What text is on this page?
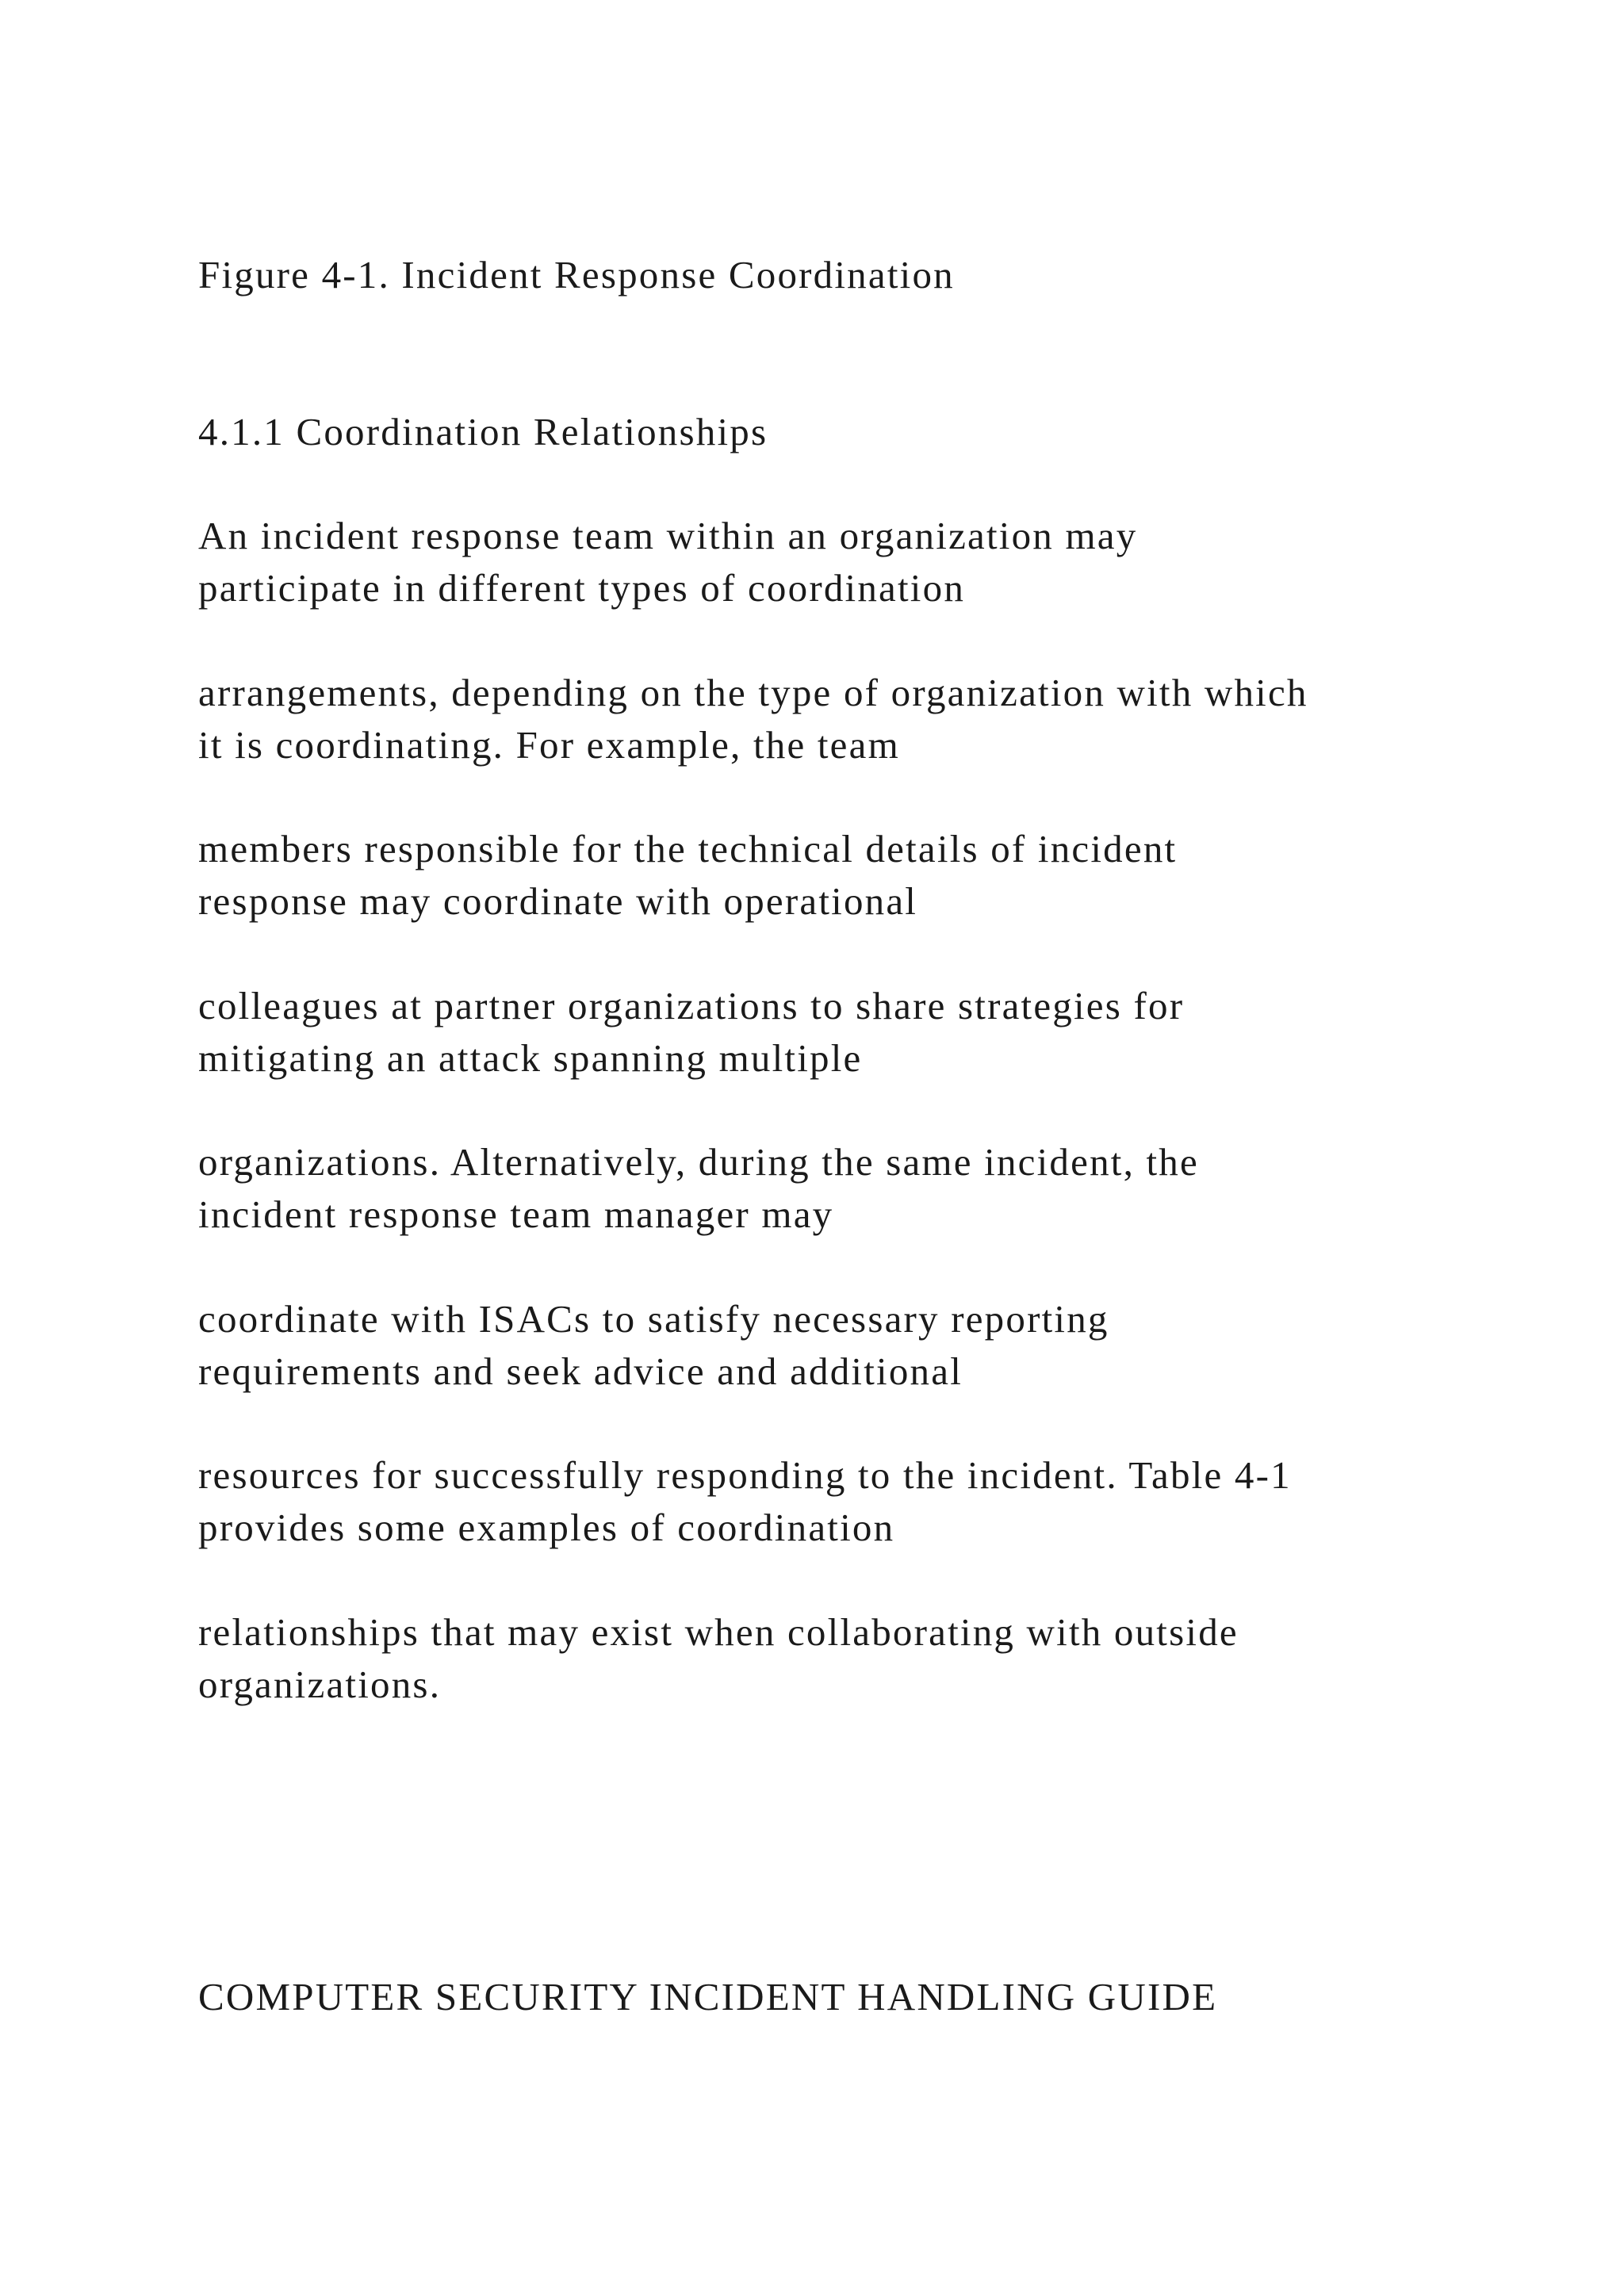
Figure 4-1. Incident Response Coordination

4.1.1 Coordination Relationships

An incident response team within an organization may
participate in different types of coordination
arrangements, depending on the type of organization with which
it is coordinating. For example, the team
members responsible for the technical details of incident
response may coordinate with operational
colleagues at partner organizations to share strategies for
mitigating an attack spanning multiple
organizations. Alternatively, during the same incident, the
incident response team manager may
coordinate with ISACs to satisfy necessary reporting
requirements and seek advice and additional
resources for successfully responding to the incident. Table 4-1
provides some examples of coordination
relationships that may exist when collaborating with outside
organizations.

COMPUTER SECURITY INCIDENT HANDLING GUIDE
